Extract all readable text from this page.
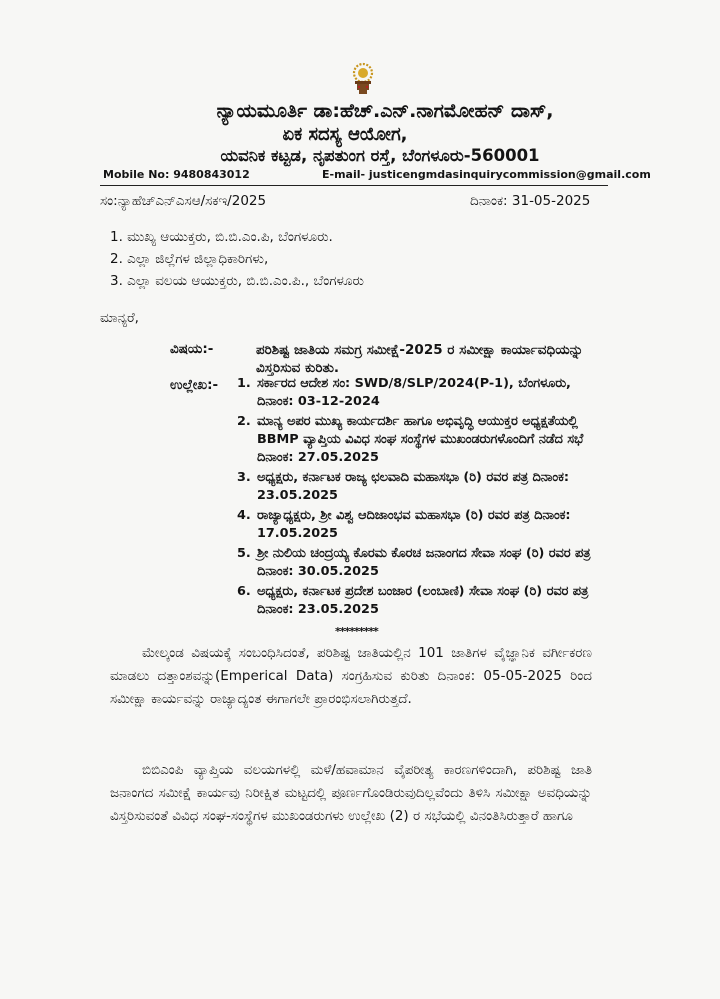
ನ್ಯಾಯಮೂರ್ತಿ ಡಾ:ಹೆಚ್.ಎನ್.ನಾಗಮೋಹನ್ ದಾಸ್,
ಏಕ ಸದಸ್ಯ ಆಯೋಗ,
ಯವನಿಕ ಕಟ್ಟಡ, ನೃಪತುಂಗ ರಸ್ತೆ, ಬೆಂಗಳೂರು-560001
Mobile No: 9480843012	E-mail- justicengmdasinquirycommission@gmail.com
ಸಂ:ನ್ಯಾಹೆಚ್ಎನ್ಎಸಆ/ಸಕಇ/2025	ದಿನಾಂಕ: 31-05-2025
1. ಮುಖ್ಯ ಆಯುಕ್ತರು, ಬಿ.ಬಿ.ಎಂ.ಪಿ, ಬೆಂಗಳೂರು.
2. ಎಲ್ಲಾ ಜಿಲ್ಲೆಗಳ ಜಿಲ್ಲಾಧಿಕಾರಿಗಳು,
3. ಎಲ್ಲಾ ವಲಯ ಆಯುಕ್ತರು, ಬಿ.ಬಿ.ಎಂ.ಪಿ., ಬೆಂಗಳೂರು
ಮಾನ್ಯರೆ,
ವಿಷಯ:-	ಪರಿಶಿಷ್ಟ ಜಾತಿಯ ಸಮಗ್ರ ಸಮೀಕ್ಷೆ-2025 ರ ಸಮೀಕ್ಷಾ ಕಾರ್ಯಾವಧಿಯನ್ನು ವಿಸ್ತರಿಸುವ ಕುರಿತು.
ಉಲ್ಲೇಖ:- 1. ಸರ್ಕಾರದ ಆದೇಶ ಸಂ: SWD/8/SLP/2024(P-1), ಬೆಂಗಳೂರು, ದಿನಾಂಕ: 03-12-2024
2. ಮಾನ್ಯ ಅಪರ ಮುಖ್ಯ ಕಾರ್ಯದರ್ಶಿ ಹಾಗೂ ಅಭಿವೃದ್ಧಿ ಆಯುಕ್ತರ ಅಧ್ಯಕ್ಷತೆಯಲ್ಲಿ BBMP ವ್ಯಾಪ್ತಿಯ ವಿವಿಧ ಸಂಘ ಸಂಸ್ಥೆಗಳ ಮುಖಂಡರುಗಳೊಂದಿಗೆ ನಡೆದ ಸಭೆ ದಿನಾಂಕ: 27.05.2025
3. ಅಧ್ಯಕ್ಷರು, ಕರ್ನಾಟಕ ರಾಜ್ಯ ಛಲವಾದಿ ಮಹಾಸಭಾ (ರಿ) ರವರ ಪತ್ರ ದಿನಾಂಕ: 23.05.2025
4. ರಾಜ್ಯಾಧ್ಯಕ್ಷರು, ಶ್ರೀ ವಿಶ್ವ ಆದಿಜಾಂಭವ ಮಹಾಸಭಾ (ರಿ) ರವರ ಪತ್ರ ದಿನಾಂಕ: 17.05.2025
5. ಶ್ರೀ ನುಲಿಯ ಚಂದ್ರಯ್ಯ ಕೊರಮ ಕೊರಚ ಜನಾಂಗದ ಸೇವಾ ಸಂಘ (ರಿ) ರವರ ಪತ್ರ ದಿನಾಂಕ: 30.05.2025
6. ಅಧ್ಯಕ್ಷರು, ಕರ್ನಾಟಕ ಪ್ರದೇಶ ಬಂಜಾರ (ಲಂಬಾಣಿ) ಸೇವಾ ಸಂಘ (ರಿ) ರವರ ಪತ್ರ ದಿನಾಂಕ: 23.05.2025
*********
ಮೇಲ್ಕಂಡ ವಿಷಯಕ್ಕೆ ಸಂಬಂಧಿಸಿದಂತೆ, ಪರಿಶಿಷ್ಟ ಜಾತಿಯಲ್ಲಿನ 101 ಜಾತಿಗಳ ವೈಜ್ಞಾನಿಕ ವರ್ಗೀಕರಣ ಮಾಡಲು ದತ್ತಾಂಶವನ್ನು(Emperical Data) ಸಂಗ್ರಹಿಸುವ ಕುರಿತು ದಿನಾಂಕ: 05-05-2025 ರಿಂದ ಸಮೀಕ್ಷಾ ಕಾರ್ಯವನ್ನು ರಾಜ್ಯಾದ್ಯಂತ ಈಗಾಗಲೇ ಪ್ರಾರಂಭಿಸಲಾಗಿರುತ್ತದೆ.
ಬಿಬಿಎಂಪಿ ವ್ಯಾಪ್ತಿಯ ವಲಯಗಳಲ್ಲಿ ಮಳೆ/ಹವಾಮಾನ ವೈಪರೀತ್ಯ ಕಾರಣಗಳಿಂದಾಗಿ, ಪರಿಶಿಷ್ಟ ಜಾತಿ ಜನಾಂಗದ ಸಮೀಕ್ಷೆ ಕಾರ್ಯವು ನಿರೀಕ್ಷಿತ ಮಟ್ಟದಲ್ಲಿ ಪೂರ್ಣಗೊಂಡಿರುವುದಿಲ್ಲವೆಂದು ತಿಳಿಸಿ ಸಮೀಕ್ಷಾ ಅವಧಿಯನ್ನು ವಿಸ್ತರಿಸುವಂತೆ ವಿವಿಧ ಸಂಘ-ಸಂಸ್ಥೆಗಳ ಮುಖಂಡರುಗಳು ಉಲ್ಲೇಖ (2) ರ ಸಭೆಯಲ್ಲಿ ವಿನಂತಿಸಿರುತ್ತಾರೆ ಹಾಗೂ
